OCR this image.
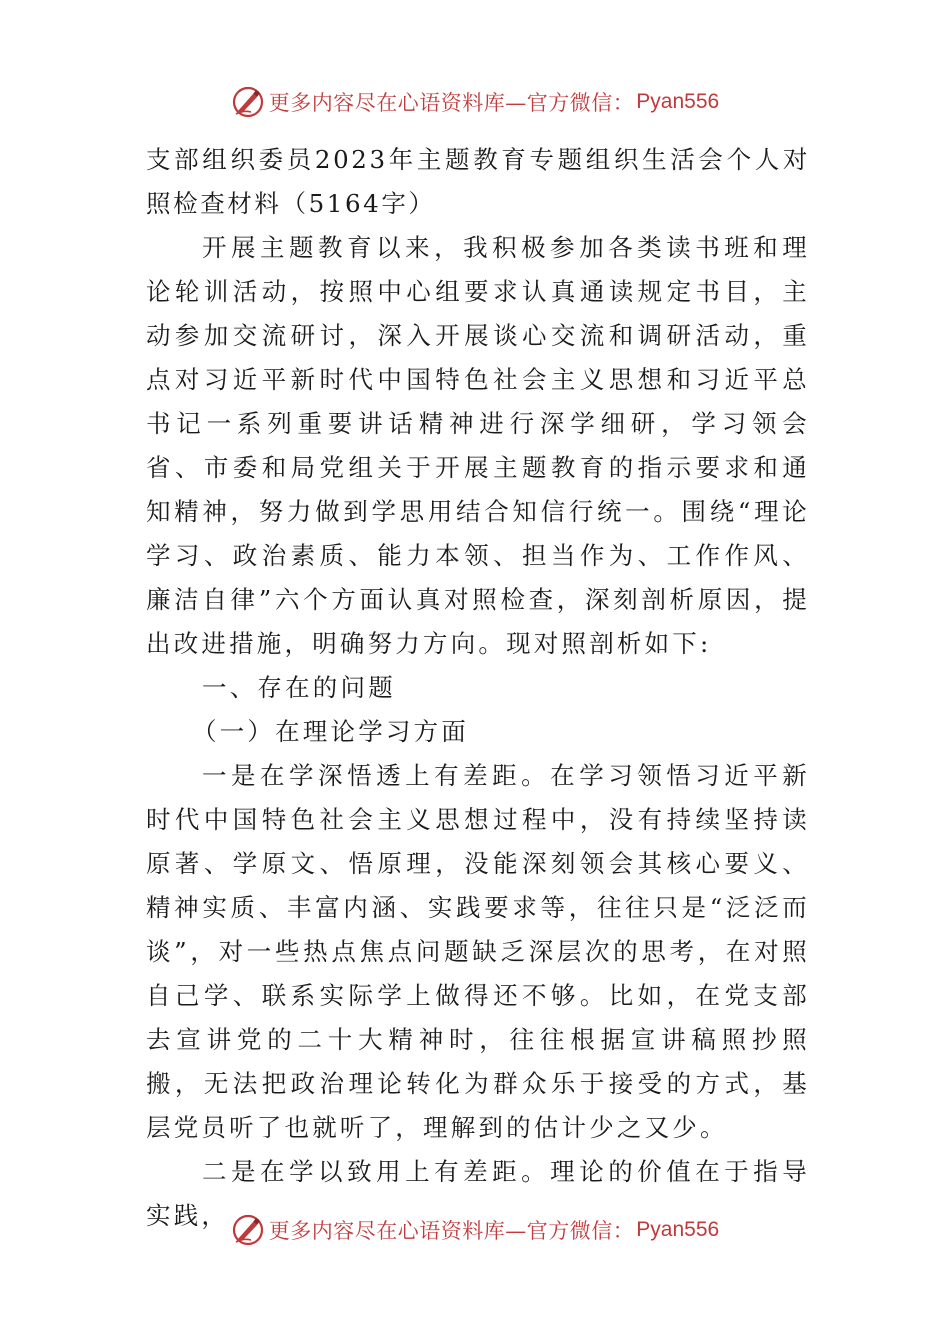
更多内容尽在心语资料库—官方微信： Pyan556

支部组织委员2023年主题教育专题组织生活会个人对照检查材料（5164字）

开展主题教育以来，我积极参加各类读书班和理论轮训活动，按照中心组要求认真通读规定书目，主动参加交流研讨，深入开展谈心交流和调研活动，重点对习近平新时代中国特色社会主义思想和习近平总书记一系列重要讲话精神进行深学细研，学习领会省、市委和局党组关于开展主题教育的指示要求和通知精神，努力做到学思用结合知信行统一。围绕“理论学习、政治素质、能力本领、担当作为、工作作风、廉洁自律”六个方面认真对照检查，深刻剖析原因，提出改进措施，明确努力方向。现对照剖析如下:

一、存在的问题

（一）在理论学习方面

一是在学深悟透上有差距。在学习领悟习近平新时代中国特色社会主义思想过程中，没有持续坚持读原著、学原文、悟原理，没能深刻领会其核心要义、精神实质、丰富内涵、实践要求等，往往只是“泛泛而谈”，对一些热点焦点问题缺乏深层次的思考，在对照自己学、联系实际学上做得还不够。比如，在党支部去宣讲党的二十大精神时，往往根据宣讲稿照抄照搬，无法把政治理论转化为群众乐于接受的方式，基层党员听了也就听了，理解到的估计少之又少。

二是在学以致用上有差距。理论的价值在于指导实践，

更多内容尽在心语资料库—官方微信： Pyan556
